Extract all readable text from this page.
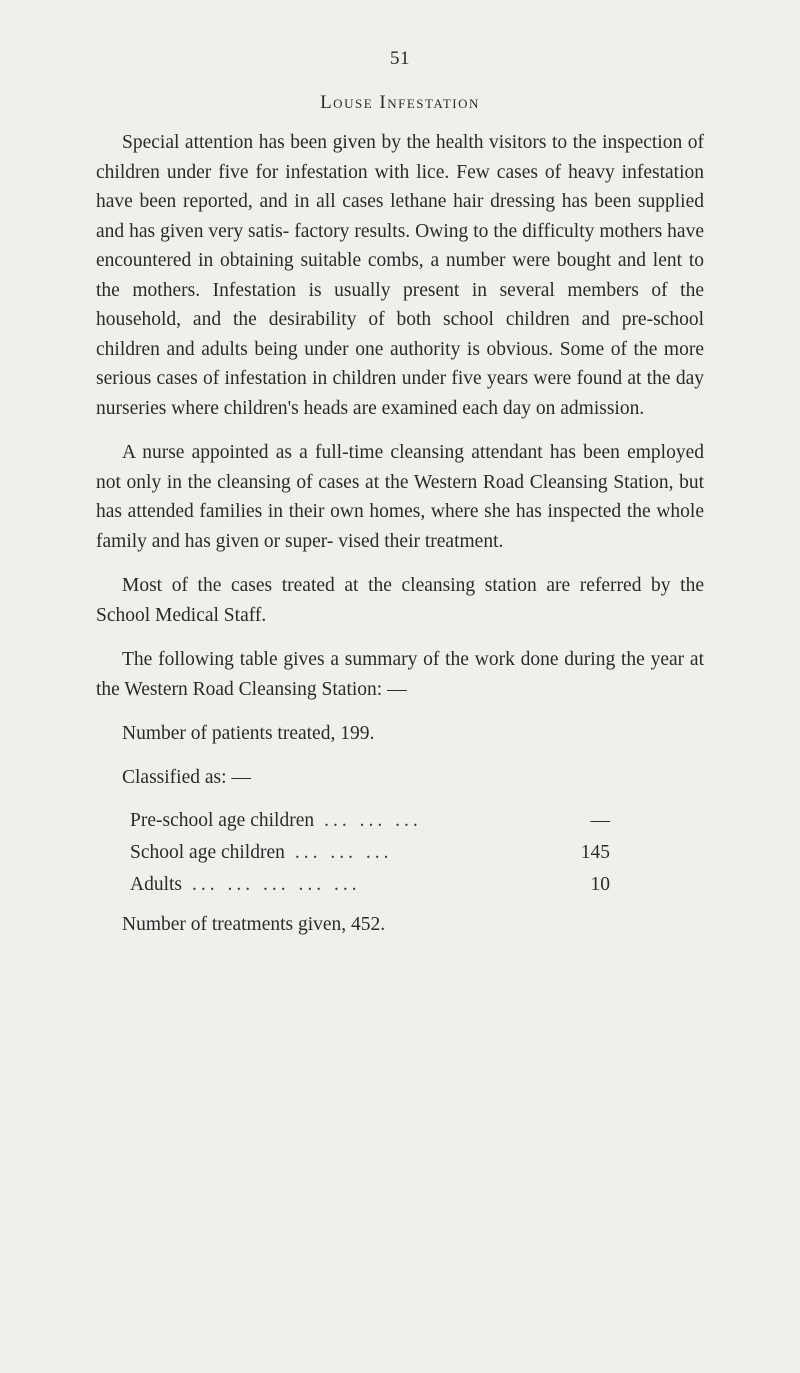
51
Louse Infestation

Special attention has been given by the health visitors to the inspection of children under five for infestation with lice. Few cases of heavy infestation have been reported, and in all cases lethane hair dressing has been supplied and has given very satis- factory results. Owing to the difficulty mothers have encountered in obtaining suitable combs, a number were bought and lent to the mothers. Infestation is usually present in several members of the household, and the desirability of both school children and pre-school children and adults being under one authority is obvious. Some of the more serious cases of infestation in children under five years were found at the day nurseries where children's heads are examined each day on admission.

A nurse appointed as a full-time cleansing attendant has been employed not only in the cleansing of cases at the Western Road Cleansing Station, but has attended families in their own homes, where she has inspected the whole family and has given or super- vised their treatment.

Most of the cases treated at the cleansing station are referred by the School Medical Staff.

The following table gives a summary of the work done during the year at the Western Road Cleansing Station: —

Number of patients treated, 199.
Classified as: —
Pre-school age children ... ... ...	—
School age children ... ... ...	145
Adults ... ... ... ... ...	10
Number of treatments given, 452.
